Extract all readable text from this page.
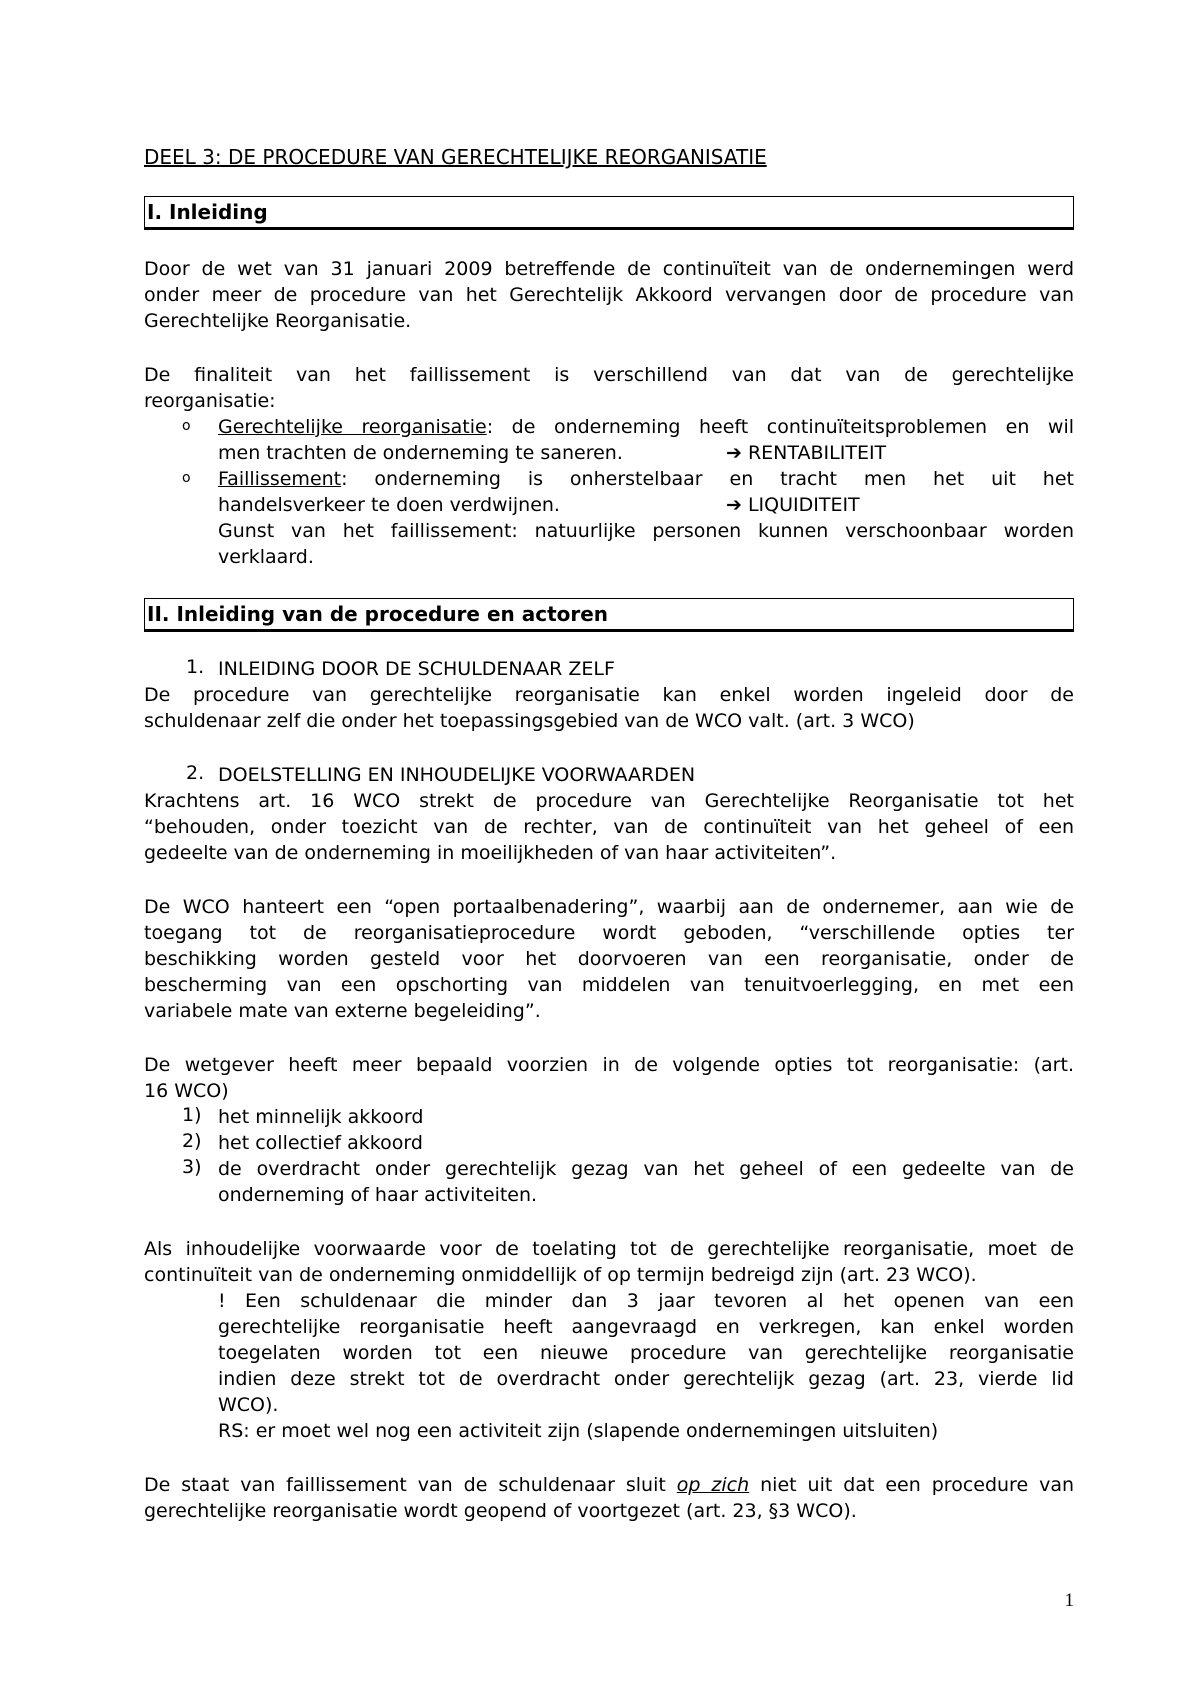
DEEL 3: DE PROCEDURE VAN GERECHTELIJKE REORGANISATIE
I. Inleiding
Door de wet van 31 januari 2009 betreffende de continuïteit van de ondernemingen werd
onder meer de procedure van het Gerechtelijk Akkoord vervangen door de procedure van
Gerechtelijke Reorganisatie.
De finaliteit van het faillissement is verschillend van dat van de gerechtelijke
reorganisatie:
o Gerechtelijke reorganisatie: de onderneming heeft continuïteitsproblemen en wil
men trachten de onderneming te saneren.	➔ RENTABILITEIT
o Faillissement: onderneming is onherstelbaar en tracht men het uit het
handelsverkeer te doen verdwijnen.	➔ LIQUIDITEIT
Gunst van het faillissement: natuurlijke personen kunnen verschoonbaar worden
verklaard.
II. Inleiding van de procedure en actoren
1. INLEIDING DOOR DE SCHULDENAAR ZELF
De procedure van gerechtelijke reorganisatie kan enkel worden ingeleid door de
schuldenaar zelf die onder het toepassingsgebied van de WCO valt. (art. 3 WCO)
2. DOELSTELLING EN INHOUDELIJKE VOORWAARDEN
Krachtens art. 16 WCO strekt de procedure van Gerechtelijke Reorganisatie tot het
“behouden, onder toezicht van de rechter, van de continuïteit van het geheel of een
gedeelte van de onderneming in moeilijkheden of van haar activiteiten”.
De WCO hanteert een “open portaalbenadering”, waarbij aan de ondernemer, aan wie de
toegang tot de reorganisatieprocedure wordt geboden, “verschillende opties ter
beschikking worden gesteld voor het doorvoeren van een reorganisatie, onder de
bescherming van een opschorting van middelen van tenuitvoerlegging, en met een
variabele mate van externe begeleiding”.
De wetgever heeft meer bepaald voorzien in de volgende opties tot reorganisatie: (art.
16 WCO)
1) het minnelijk akkoord
2) het collectief akkoord
3) de overdracht onder gerechtelijk gezag van het geheel of een gedeelte van de
onderneming of haar activiteiten.
Als inhoudelijke voorwaarde voor de toelating tot de gerechtelijke reorganisatie, moet de
continuïteit van de onderneming onmiddellijk of op termijn bedreigd zijn (art. 23 WCO).
! Een schuldenaar die minder dan 3 jaar tevoren al het openen van een
gerechtelijke reorganisatie heeft aangevraagd en verkregen, kan enkel worden
toegelaten worden tot een nieuwe procedure van gerechtelijke reorganisatie
indien deze strekt tot de overdracht onder gerechtelijk gezag (art. 23, vierde lid
WCO).
RS: er moet wel nog een activiteit zijn (slapende ondernemingen uitsluiten)
De staat van faillissement van de schuldenaar sluit op zich niet uit dat een procedure van
gerechtelijke reorganisatie wordt geopend of voortgezet (art. 23, §3 WCO).
1
